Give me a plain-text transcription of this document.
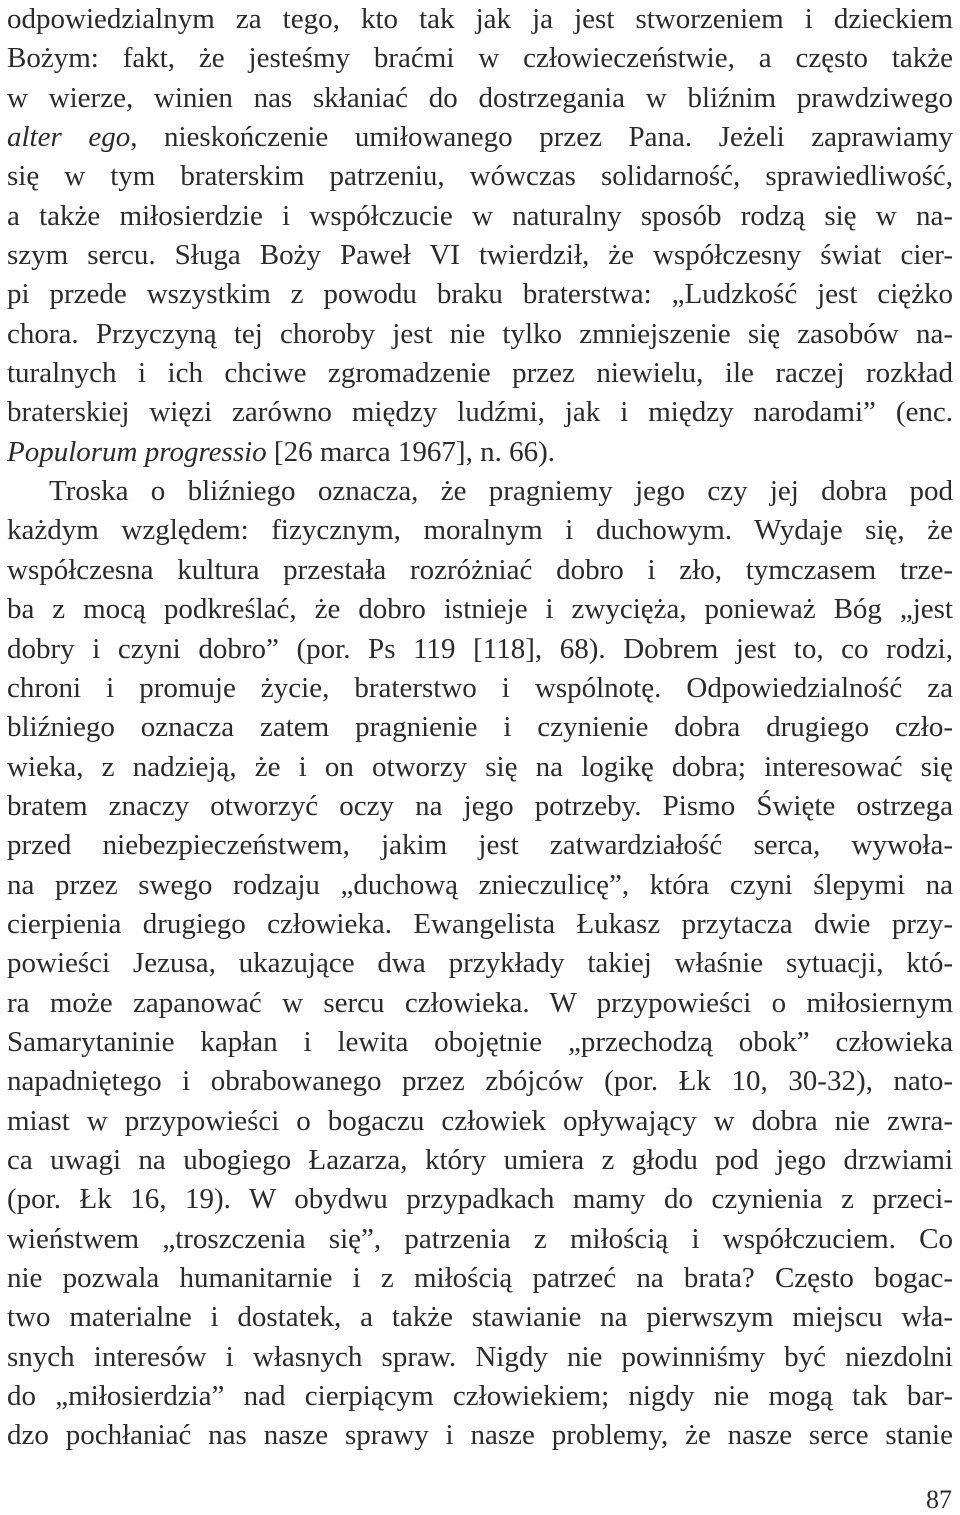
odpowiedzialnym za tego, kto tak jak ja jest stworzeniem i dzieckiem
Bożym: fakt, że jesteśmy braćmi w człowieczeństwie, a często także
w wierze, winien nas skłaniać do dostrzegania w bliźnim prawdziwego
alter ego, nieskończenie umiłowanego przez Pana. Jeżeli zaprawiamy
się w tym braterskim patrzeniu, wówczas solidarność, sprawiedliwość,
a także miłosierdzie i współczucie w naturalny sposób rodzą się w na-
szym sercu. Sługa Boży Paweł VI twierdził, że współczesny świat cier-
pi przede wszystkim z powodu braku braterstwa: „Ludzkość jest ciężko
chora. Przyczyną tej choroby jest nie tylko zmniejszenie się zasobów na-
turalnych i ich chciwe zgromadzenie przez niewielu, ile raczej rozkład
braterskiej więzi zarówno między ludźmi, jak i między narodami” (enc.
Populorum progressio [26 marca 1967], n. 66).
Troska o bliźniego oznacza, że pragniemy jego czy jej dobra pod
każdym względem: fizycznym, moralnym i duchowym. Wydaje się, że
współczesna kultura przestała rozróżniać dobro i zło, tymczasem trze-
ba z mocą podkreślać, że dobro istnieje i zwycięża, ponieważ Bóg „jest
dobry i czyni dobro” (por. Ps 119 [118], 68). Dobrem jest to, co rodzi,
chroni i promuje życie, braterstwo i wspólnotę. Odpowiedzialność za
bliźniego oznacza zatem pragnienie i czynienie dobra drugiego czło-
wieka, z nadzieją, że i on otworzy się na logikę dobra; interesować się
bratem znaczy otworzyć oczy na jego potrzeby. Pismo Święte ostrzega
przed niebezpieczeństwem, jakim jest zatwardziałość serca, wywoła-
na przez swego rodzaju „duchową znieczulicę”, która czyni ślepymi na
cierpienia drugiego człowieka. Ewangelista Łukasz przytacza dwie przy-
powieści Jezusa, ukazujące dwa przykłady takiej właśnie sytuacji, któ-
ra może zapanować w sercu człowieka. W przypowieści o miłosiernym
Samarytaninie kapłan i lewita obojętnie „przechodzą obok” człowieka
napadniętego i obrabowanego przez zbójców (por. Łk 10, 30-32), nato-
miast w przypowieści o bogaczu człowiek opływający w dobra nie zwra-
ca uwagi na ubogiego Łazarza, który umiera z głodu pod jego drzwiami
(por. Łk 16, 19). W obydwu przypadkach mamy do czynienia z przeci-
wieństwem „troszczenia się”, patrzenia z miłością i współczuciem. Co
nie pozwala humanitarnie i z miłością patrzeć na brata? Często bogac-
two materialne i dostatek, a także stawianie na pierwszym miejscu wła-
snych interesów i własnych spraw. Nigdy nie powinniśmy być niezdolni
do „miłosierdzia” nad cierpiącym człowiekiem; nigdy nie mogą tak bar-
dzo pochłaniać nas nasze sprawy i nasze problemy, że nasze serce stanie
87
